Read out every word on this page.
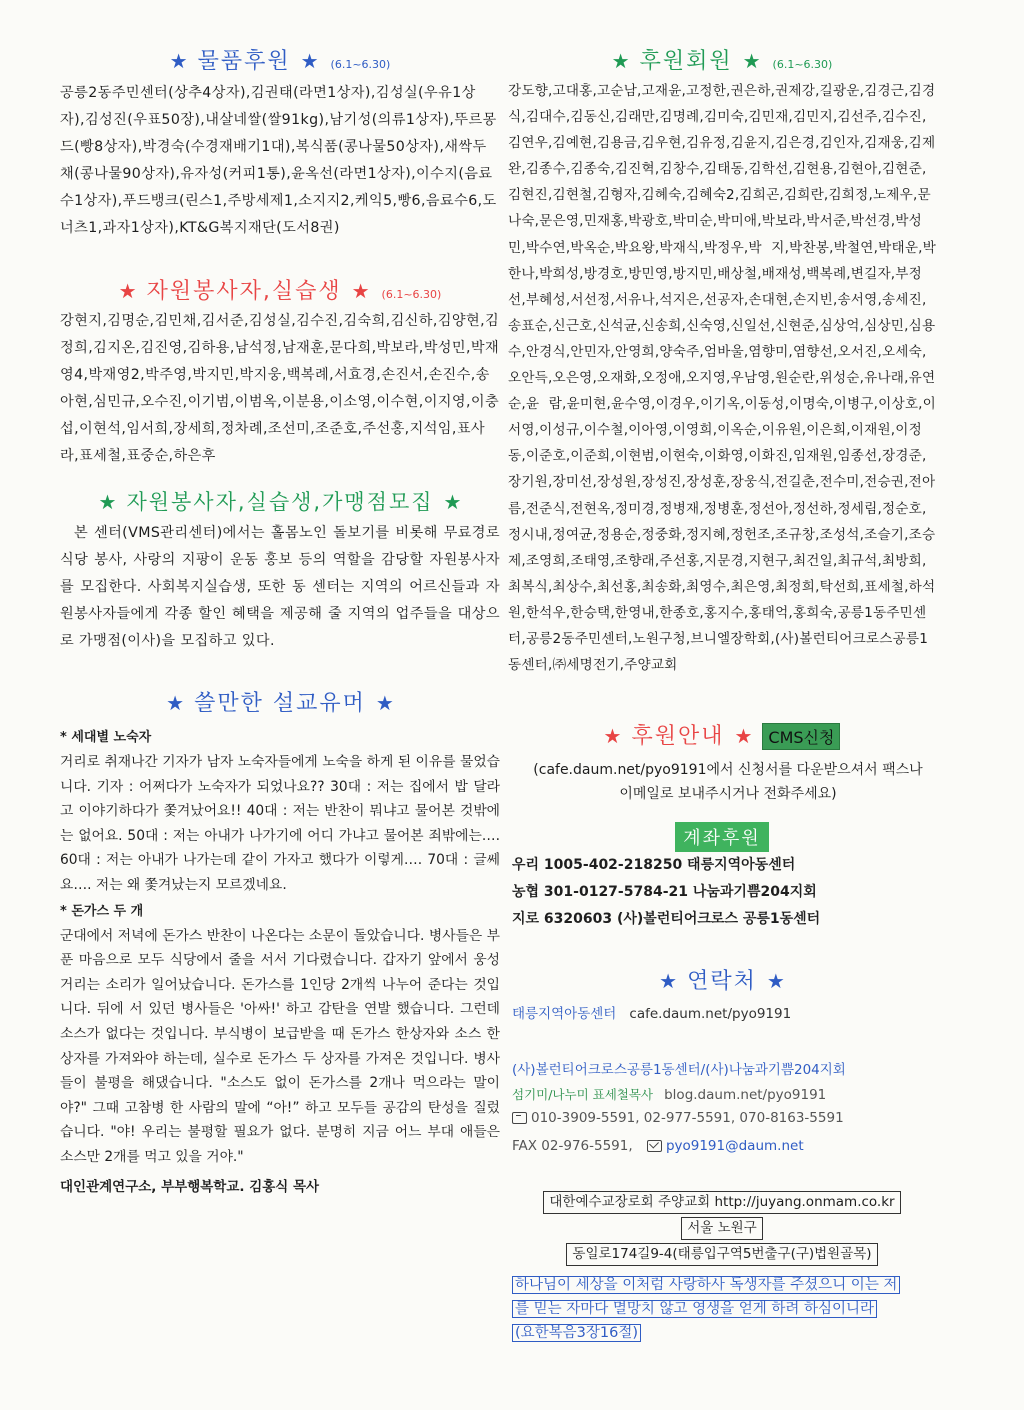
★ 물품후원 ★ (6.1~6.30)
공릉2동주민센터(상추4상자),김권태(라면1상자),김성실(우유1상자),김성진(우표50장),내살네쌀(쌀91kg),남기성(의류1상자),뚜르몽드(빵8상자),박경숙(수경재배기1대),복식품(콩나물50상자),새싹두채(콩나물90상자),유자성(커피1통),윤옥선(라면1상자),이수지(음료수1상자),푸드뱅크(린스1,주방세제1,소지지2,케익5,빵6,음료수6,도너츠1,과자1상자),KT&G복지재단(도서8권)
★ 자원봉사자,실습생 ★ (6.1~6.30)
강현지,김명순,김민채,김서준,김성실,김수진,김숙희,김신하,김양현,김정희,김지온,김진영,김하용,남석정,남재훈,문다희,박보라,박성민,박재영4,박재영2,박주영,박지민,박지웅,백복례,서효경,손진서,손진수,송아현,심민규,오수진,이기범,이범옥,이분용,이소영,이수현,이지영,이충섭,이현석,임서희,장세희,정차례,조선미,조준호,주선홍,지석임,표사라,표세철,표중순,하은후
★ 자원봉사자,실습생,가맹점모집 ★
본 센터(VMS관리센터)에서는 홀몸노인 돌보기를 비롯해 무료경로식당 봉사, 사랑의 지팡이 운동 홍보 등의 역할을 감당할 자원봉사자를 모집한다. 사회복지실습생, 또한 동 센터는 지역의 어르신들과 자원봉사자들에게 각종 할인 혜택을 제공해 줄 지역의 업주들을 대상으로 가맹점(이사)을 모집하고 있다.
★ 쓸만한 설교유머 ★
* 세대별 노숙자
거리로 취재나간 기자가 남자 노숙자들에게 노숙을 하게 된 이유를 물었습니다. 기자 : 어쩌다가 노숙자가 되었나요?? 30대 : 저는 집에서 밥 달라고 이야기하다가 쫓겨났어요!! 40대 : 저는 반찬이 뭐냐고 물어본 것밖에는 없어요. 50대 : 저는 아내가 나가기에 어디 가냐고 물어본 죄밖에는…. 60대 : 저는 아내가 나가는데 같이 가자고 했다가 이렇게…. 70대 : 글쎄요…. 저는 왜 쫓겨났는지 모르겠네요.
* 돈가스 두 개
군대에서 저녁에 돈가스 반찬이 나온다는 소문이 돌았습니다. 병사들은 부푼 마음으로 모두 식당에서 줄을 서서 기다렸습니다. 갑자기 앞에서 웅성거리는 소리가 일어났습니다. 돈가스를 1인당 2개씩 나누어 준다는 것입니다. 뒤에 서 있던 병사들은 '아싸!' 하고 감탄을 연발 했습니다. 그런데 소스가 없다는 것입니다. 부식병이 보급받을 때 돈가스 한상자와 소스 한상자를 가져와야 하는데, 실수로 돈가스 두 상자를 가져온 것입니다. 병사들이 불평을 해댔습니다. "소스도 없이 돈가스를 2개나 먹으라는 말이야?" 그때 고참병 한 사람의 말에 “아!” 하고 모두들 공감의 탄성을 질렀습니다. "야! 우리는 불평할 필요가 없다. 분명히 지금 어느 부대 애들은 소스만 2개를 먹고 있을 거야."
대인관계연구소, 부부행복학교. 김홍식 목사
★ 후원회원 ★ (6.1~6.30)
강도향,고대홍,고순남,고재윤,고정한,권은하,권제강,길광운,김경근,김경식,김대수,김동신,김래만,김명례,김미숙,김민재,김민지,김선주,김수진,김연우,김예현,김용금,김우현,김유정,김윤지,김은경,김인자,김재웅,김제완,김종수,김종숙,김진혁,김창수,김태동,김학선,김현용,김현아,김현준,김현진,김현철,김형자,김혜숙,김혜숙2,김희곤,김희란,김희정,노제우,문나숙,문은영,민재홍,박광호,박미순,박미애,박보라,박서준,박선경,박성민,박수연,박옥순,박요왕,박재식,박정우,박 지,박찬봉,박철연,박태운,박한나,박희성,방경호,방민영,방지민,배상철,배재성,백복례,변길자,부정선,부혜성,서선정,서유나,석지은,선공자,손대현,손지빈,송서영,송세진,송표순,신근호,신석균,신송희,신숙영,신일선,신현준,심상억,심상민,심용수,안경식,안민자,안영희,양숙주,엄바울,염향미,염향선,오서진,오세숙,오안득,오은영,오재화,오정애,오지영,우남영,원순란,위성순,유나래,유연순,윤 람,윤미현,윤수영,이경우,이기옥,이동성,이명숙,이병구,이상호,이서영,이성규,이수철,이아영,이영희,이옥순,이유원,이은희,이재원,이정동,이준호,이준희,이현범,이현숙,이화영,이화진,임재원,임종선,장경준,장기원,장미선,장성원,장성진,장성훈,장웅식,전길춘,전수미,전승권,전아름,전준식,전현옥,정미경,정병재,정병훈,정선아,정선하,정세림,정순호,정시내,정여균,정용순,정중화,정지혜,정헌조,조규창,조성석,조슬기,조승제,조영희,조태영,조향래,주선홍,지문경,지현구,최건일,최규석,최방희,최복식,최상수,최선홍,최송화,최영수,최은영,최정희,탁선희,표세철,하석원,한석우,한승택,한영내,한종호,홍지수,홍태억,홍희숙,공릉1동주민센터,공릉2동주민센터,노원구청,브니엘장학회,(사)볼런티어크로스공릉1동센터,㈜세명전기,주양교회
★ 후원안내 ★	CMS신청
(cafe.daum.net/pyo9191에서 신청서를 다운받으셔서 팩스나 이메일로 보내주시거나 전화주세요)
계좌후원
우리 1005-402-218250 태릉지역아동센터
농협 301-0127-5784-21 나눔과기쁨204지회
지로 6320603 (사)볼런티어크로스 공릉1동센터
★ 연락처 ★
태릉지역아동센터 cafe.daum.net/pyo9191
(사)볼런티어크로스공릉1동센터/(사)나눔과기쁨204지회
섬기미/나누미 표세철목사 blog.daum.net/pyo9191
010-3909-5591, 02-977-5591, 070-8163-5591
FAX 02-976-5591, pyo9191@daum.net
대한예수교장로회 주양교회 http://juyang.onmam.co.kr
서울 노원구
동일로174길9-4(태릉입구역5번출구(구)법원골목)
하나님이 세상을 이처럼 사랑하사 독생자를 주셨으니 이는 저
를 믿는 자마다 멸망치 않고 영생을 얻게 하려 하심이니라
(요한복음3장16절)
